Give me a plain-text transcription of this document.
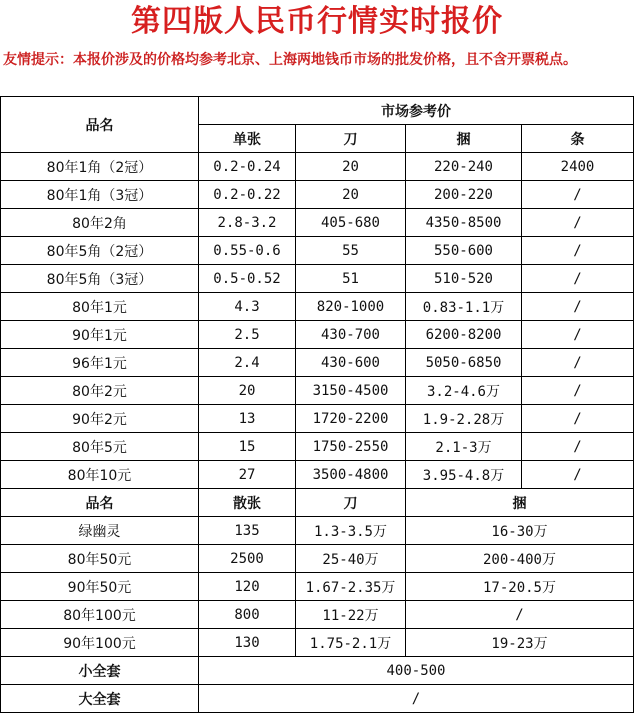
第四版人民币行情实时报价
友情提示：本报价涉及的价格均参考北京、上海两地钱币市场的批发价格，且不含开票税点。
品名	市场参考价			
	单张	刀	捆	条
80年1角（2冠）	0.2-0.24	20	220-240	2400
80年1角（3冠）	0.2-0.22	20	200-220	/
80年2角	2.8-3.2	405-680	4350-8500	/
80年5角（2冠）	0.55-0.6	55	550-600	/
80年5角（3冠）	0.5-0.52	51	510-520	/
80年1元	4.3	820-1000	0.83-1.1万	/
90年1元	2.5	430-700	6200-8200	/
96年1元	2.4	430-600	5050-6850	/
80年2元	20	3150-4500	3.2-4.6万	/
90年2元	13	1720-2200	1.9-2.28万	/
80年5元	15	1750-2550	2.1-3万	/
80年10元	27	3500-4800	3.95-4.8万	/
品名	散张	刀	捆	
绿幽灵	135	1.3-3.5万	16-30万	
80年50元	2500	25-40万	200-400万	
90年50元	120	1.67-2.35万	17-20.5万	
80年100元	800	11-22万	/	
90年100元	130	1.75-2.1万	19-23万	
小全套	400-500			
大全套	/			
